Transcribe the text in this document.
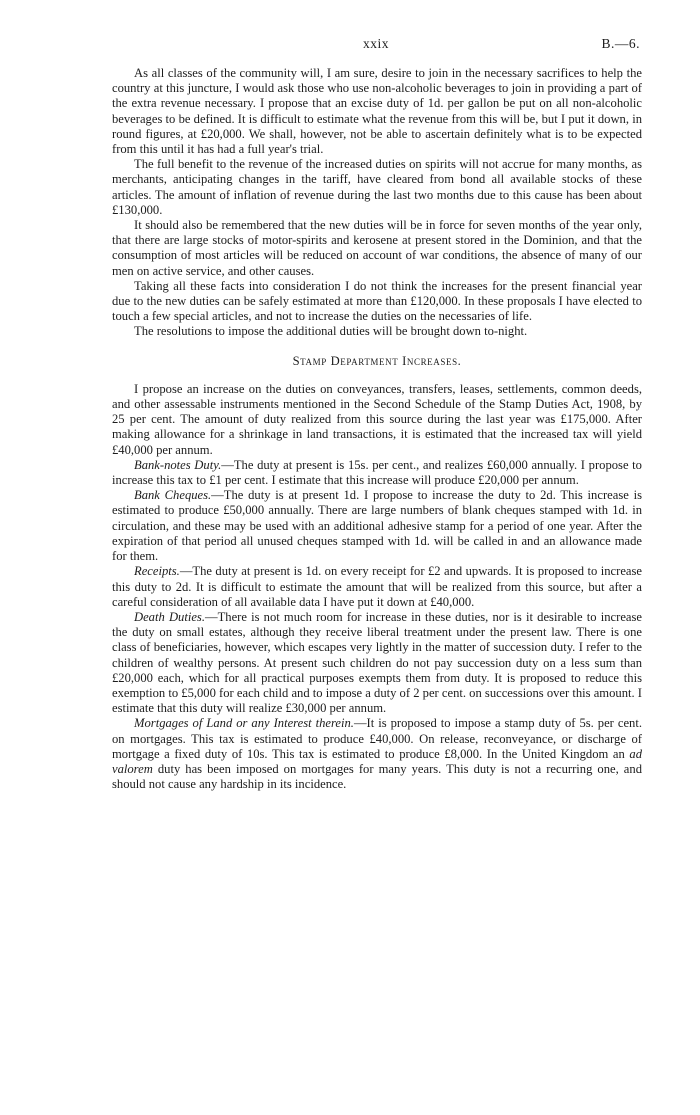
xxix	B.—6.

As all classes of the community will, I am sure, desire to join in the necessary sacrifices to help the country at this juncture, I would ask those who use non-alcoholic beverages to join in providing a part of the extra revenue necessary. I propose that an excise duty of 1d. per gallon be put on all non-alcoholic beverages to be defined. It is difficult to estimate what the revenue from this will be, but I put it down, in round figures, at £20,000. We shall, however, not be able to ascertain definitely what is to be expected from this until it has had a full year's trial.

The full benefit to the revenue of the increased duties on spirits will not accrue for many months, as merchants, anticipating changes in the tariff, have cleared from bond all available stocks of these articles. The amount of inflation of revenue during the last two months due to this cause has been about £130,000.

It should also be remembered that the new duties will be in force for seven months of the year only, that there are large stocks of motor-spirits and kerosene at present stored in the Dominion, and that the consumption of most articles will be reduced on account of war conditions, the absence of many of our men on active service, and other causes.

Taking all these facts into consideration I do not think the increases for the present financial year due to the new duties can be safely estimated at more than £120,000. In these proposals I have elected to touch a few special articles, and not to increase the duties on the necessaries of life.

The resolutions to impose the additional duties will be brought down to-night.

Stamp Department Increases.

I propose an increase on the duties on conveyances, transfers, leases, settlements, common deeds, and other assessable instruments mentioned in the Second Schedule of the Stamp Duties Act, 1908, by 25 per cent. The amount of duty realized from this source during the last year was £175,000. After making allowance for a shrinkage in land transactions, it is estimated that the increased tax will yield £40,000 per annum.

Bank-notes Duty.—The duty at present is 15s. per cent., and realizes £60,000 annually. I propose to increase this tax to £1 per cent. I estimate that this increase will produce £20,000 per annum.

Bank Cheques.—The duty is at present 1d. I propose to increase the duty to 2d. This increase is estimated to produce £50,000 annually. There are large numbers of blank cheques stamped with 1d. in circulation, and these may be used with an additional adhesive stamp for a period of one year. After the expiration of that period all unused cheques stamped with 1d. will be called in and an allowance made for them.

Receipts.—The duty at present is 1d. on every receipt for £2 and upwards. It is proposed to increase this duty to 2d. It is difficult to estimate the amount that will be realized from this source, but after a careful consideration of all available data I have put it down at £40,000.

Death Duties.—There is not much room for increase in these duties, nor is it desirable to increase the duty on small estates, although they receive liberal treatment under the present law. There is one class of beneficiaries, however, which escapes very lightly in the matter of succession duty. I refer to the children of wealthy persons. At present such children do not pay succession duty on a less sum than £20,000 each, which for all practical purposes exempts them from duty. It is proposed to reduce this exemption to £5,000 for each child and to impose a duty of 2 per cent. on successions over this amount. I estimate that this duty will realize £30,000 per annum.

Mortgages of Land or any Interest therein.—It is proposed to impose a stamp duty of 5s. per cent. on mortgages. This tax is estimated to produce £40,000. On release, reconveyance, or discharge of mortgage a fixed duty of 10s. This tax is estimated to produce £8,000. In the United Kingdom an ad valorem duty has been imposed on mortgages for many years. This duty is not a recurring one, and should not cause any hardship in its incidence.
